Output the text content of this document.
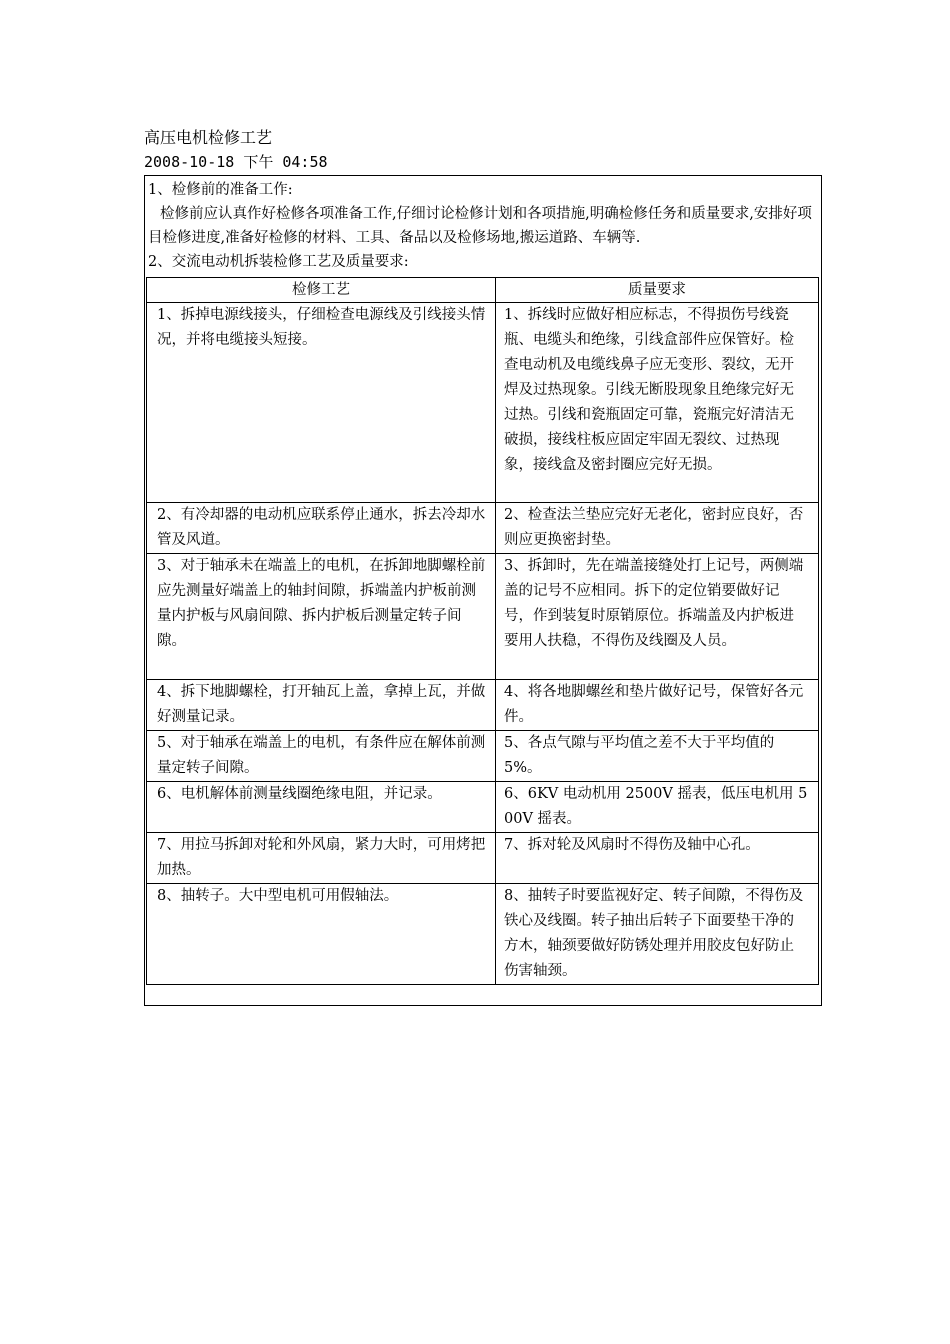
高压电机检修工艺
2008-10-18 下午 04:58

1、检修前的准备工作:

检修前应认真作好检修各项准备工作,仔细讨论检修计划和各项措施,明确检修任务和质量要求,安排好项目检修进度,准备好检修的材料、工具、备品以及检修场地,搬运道路、车辆等.

2、交流电动机拆装检修工艺及质量要求:

检修工艺	质量要求
1、拆掉电源线接头，仔细检查电源线及引线接头情况，并将电缆接头短接。	1、拆线时应做好相应标志，不得损伤号线瓷瓶、电缆头和绝缘，引线盒部件应保管好。检查电动机及电缆线鼻子应无变形、裂纹，无开焊及过热现象。引线无断股现象且绝缘完好无过热。引线和瓷瓶固定可靠，瓷瓶完好清洁无破损，接线柱板应固定牢固无裂纹、过热现象，接线盒及密封圈应完好无损。
2、有冷却器的电动机应联系停止通水，拆去冷却水管及风道。	2、检查法兰垫应完好无老化，密封应良好，否则应更换密封垫。
3、对于轴承未在端盖上的电机，在拆卸地脚螺栓前应先测量好端盖上的轴封间隙，拆端盖内护板前测量内护板与风扇间隙、拆内护板后测量定转子间隙。	3、拆卸时，先在端盖接缝处打上记号，两侧端盖的记号不应相同。拆下的定位销要做好记号，作到装复时原销原位。拆端盖及内护板进要用人扶稳，不得伤及线圈及人员。
4、拆下地脚螺栓，打开轴瓦上盖，拿掉上瓦，并做好测量记录。	4、将各地脚螺丝和垫片做好记号，保管好各元件。
5、对于轴承在端盖上的电机，有条件应在解体前测量定转子间隙。	5、各点气隙与平均值之差不大于平均值的5%。
6、电机解体前测量线圈绝缘电阻，并记录。	6、6KV 电动机用 2500V 摇表，低压电机用 500V 摇表。
7、用拉马拆卸对轮和外风扇，紧力大时，可用烤把加热。	7、拆对轮及风扇时不得伤及轴中心孔。
8、抽转子。大中型电机可用假轴法。	8、抽转子时要监视好定、转子间隙，不得伤及铁心及线圈。转子抽出后转子下面要垫干净的方木，轴颈要做好防锈处理并用胶皮包好防止伤害轴颈。
